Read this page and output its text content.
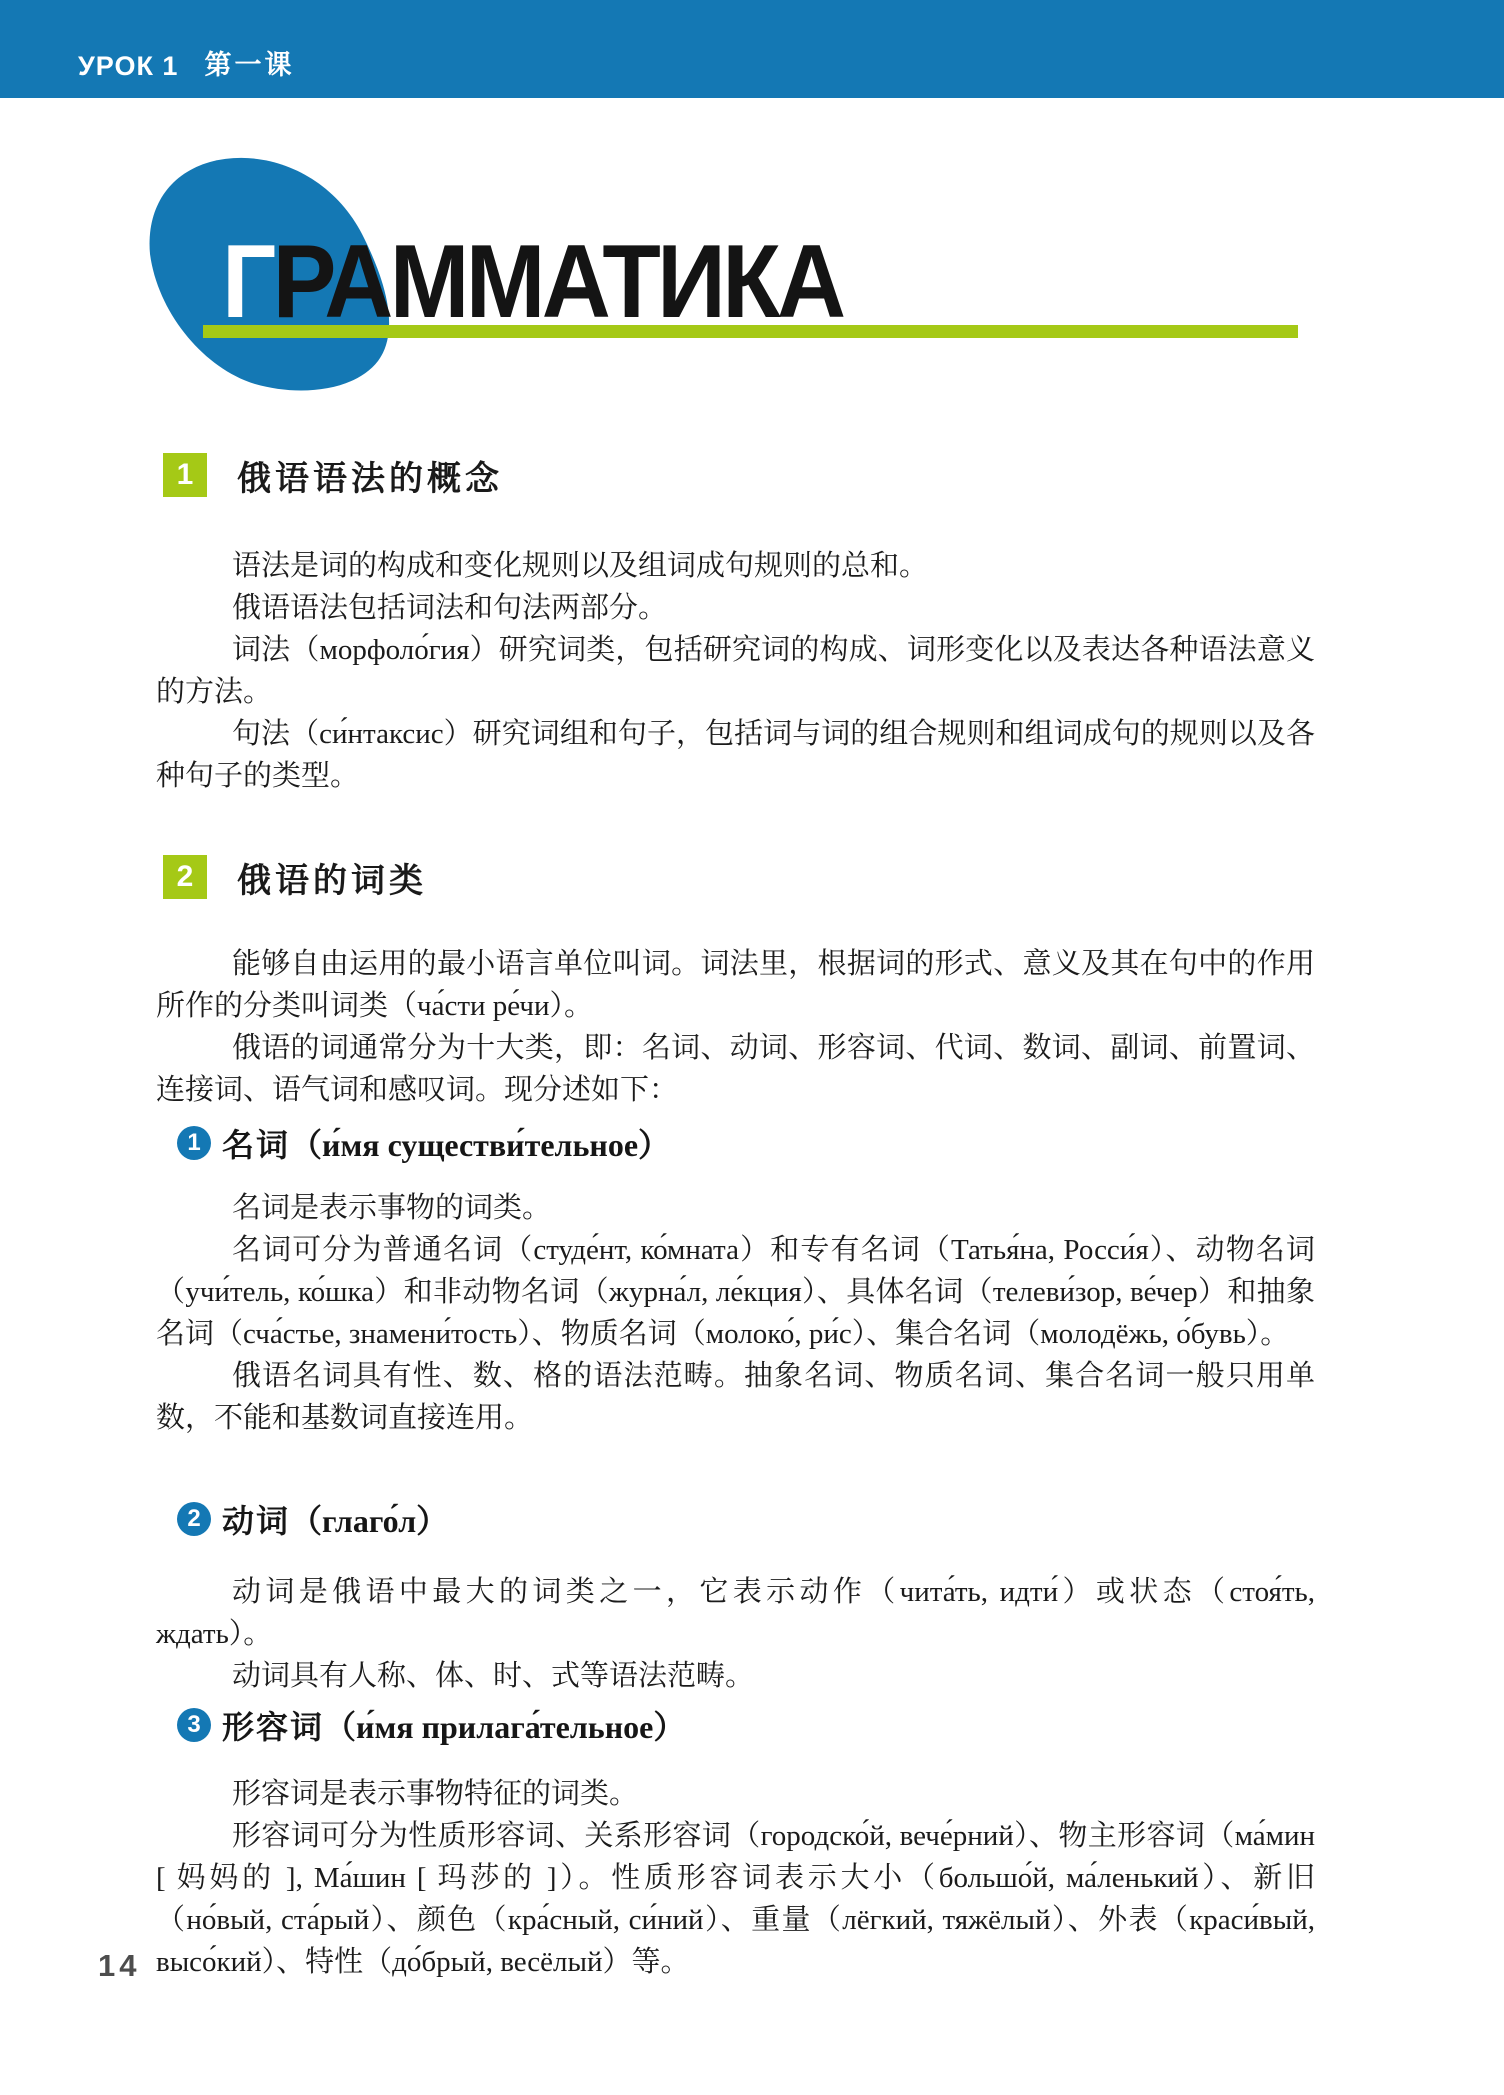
УРОК 1 第一课
ГРАММАТИКА
1	俄语语法的概念

语法是词的构成和变化规则以及组词成句规则的总和。

俄语语法包括词法和句法两部分。

词法（морфоло́гия）研究词类，包括研究词的构成、词形变化以及表达各种语法意义的方法。

句法（си́нтаксис）研究词组和句子，包括词与词的组合规则和组词成句的规则以及各种句子的类型。

2	俄语的词类

能够自由运用的最小语言单位叫词。词法里，根据词的形式、意义及其在句中的作用所作的分类叫词类（ча́сти ре́чи）。

俄语的词通常分为十大类，即：名词、动词、形容词、代词、数词、副词、前置词、连接词、语气词和感叹词。现分述如下：

1 名词（и́мя существи́тельное）

名词是表示事物的词类。

名词可分为普通名词（студе́нт, ко́мната）和专有名词（Татья́на, Росси́я）、动物名词（учи́тель, ко́шка）和非动物名词（журна́л, ле́кция）、具体名词（телеви́зор, ве́чер）和抽象名词（сча́стье, знамени́тость）、物质名词（молоко́, ри́с）、集合名词（молодёжь, о́бувь）。

俄语名词具有性、数、格的语法范畴。抽象名词、物质名词、集合名词一般只用单数，不能和基数词直接连用。

2 动词（глаго́л）

动词是俄语中最大的词类之一，它表示动作（чита́ть, идти́）或状态（стоя́ть, ждать）。

动词具有人称、体、时、式等语法范畴。

3 形容词（и́мя прилага́тельное）

形容词是表示事物特征的词类。

形容词可分为性质形容词、关系形容词（городско́й, вече́рний）、物主形容词（ма́мин [ 妈妈的 ], Ма́шин [ 玛莎的 ]）。性质形容词表示大小（большо́й, ма́ленький）、新旧（но́вый, ста́рый）、颜色（кра́сный, си́ний）、重量（лёгкий, тяжёлый）、外表（краси́вый, высо́кий）、特性（до́брый, весёлый）等。

14
